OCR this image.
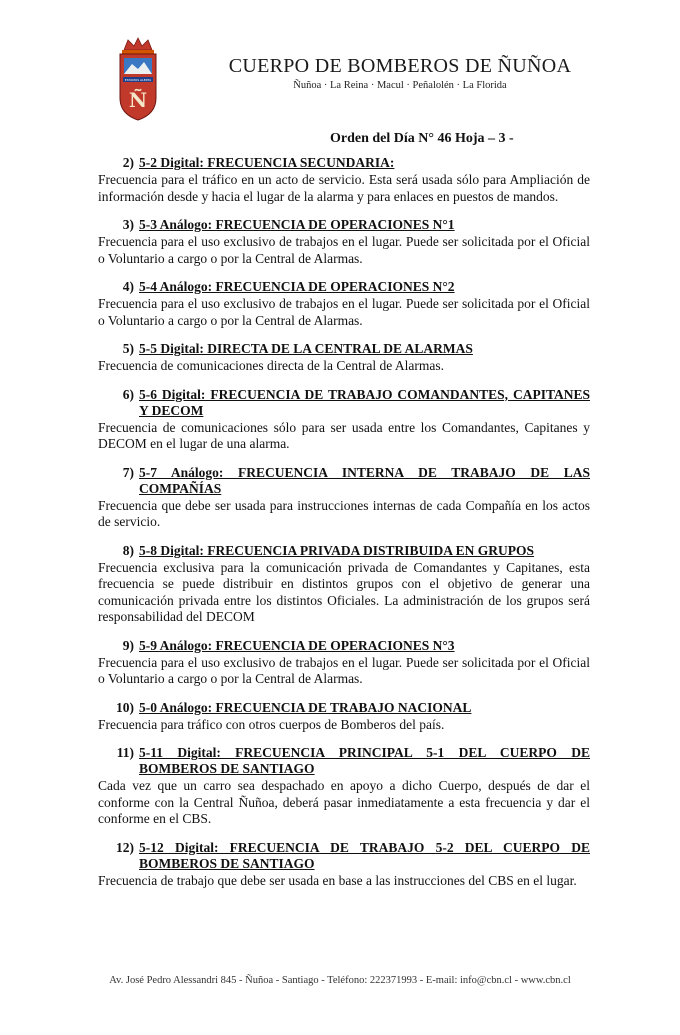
ESTAMOS ALERTA
Ñ
CUERPO DE BOMBEROS DE ÑUÑOA
Ñuñoa · La Reina · Macul · Peñalolén · La Florida
Orden del Día N° 46 Hoja – 3 -
2) 5-2 Digital: FRECUENCIA SECUNDARIA:
Frecuencia para el tráfico en un acto de servicio. Esta será usada sólo para Ampliación de información desde y hacia el lugar de la alarma y para enlaces en puestos de mandos.
3) 5-3 Análogo: FRECUENCIA DE OPERACIONES N°1
Frecuencia para el uso exclusivo de trabajos en el lugar. Puede ser solicitada por el Oficial o Voluntario a cargo o por la Central de Alarmas.
4) 5-4 Análogo: FRECUENCIA DE OPERACIONES N°2
Frecuencia para el uso exclusivo de trabajos en el lugar. Puede ser solicitada por el Oficial o Voluntario a cargo o por la Central de Alarmas.
5) 5-5 Digital: DIRECTA DE LA CENTRAL DE ALARMAS
Frecuencia de comunicaciones directa de la Central de Alarmas.
6) 5-6 Digital: FRECUENCIA DE TRABAJO COMANDANTES, CAPITANES Y DECOM
Frecuencia de comunicaciones sólo para ser usada entre los Comandantes, Capitanes y DECOM en el lugar de una alarma.
7) 5-7 Análogo: FRECUENCIA INTERNA DE TRABAJO DE LAS COMPAÑÍAS
Frecuencia que debe ser usada para instrucciones internas de cada Compañía en los actos de servicio.
8) 5-8 Digital: FRECUENCIA PRIVADA DISTRIBUIDA EN GRUPOS
Frecuencia exclusiva para la comunicación privada de Comandantes y Capitanes, esta frecuencia se puede distribuir en distintos grupos con el objetivo de generar una comunicación privada entre los distintos Oficiales. La administración de los grupos será responsabilidad del DECOM
9) 5-9 Análogo: FRECUENCIA DE OPERACIONES N°3
Frecuencia para el uso exclusivo de trabajos en el lugar. Puede ser solicitada por el Oficial o Voluntario a cargo o por la Central de Alarmas.
10) 5-0 Análogo: FRECUENCIA DE TRABAJO NACIONAL
Frecuencia para tráfico con otros cuerpos de Bomberos del país.
11) 5-11 Digital: FRECUENCIA PRINCIPAL 5-1 DEL CUERPO DE BOMBEROS DE SANTIAGO
Cada vez que un carro sea despachado en apoyo a dicho Cuerpo, después de dar el conforme con la Central Ñuñoa, deberá pasar inmediatamente a esta frecuencia y dar el conforme en el CBS.
12) 5-12 Digital: FRECUENCIA DE TRABAJO 5-2 DEL CUERPO DE BOMBEROS DE SANTIAGO
Frecuencia de trabajo que debe ser usada en base a las instrucciones del CBS en el lugar.
Av. José Pedro Alessandri 845 - Ñuñoa - Santiago - Teléfono: 222371993 - E-mail: info@cbn.cl - www.cbn.cl
